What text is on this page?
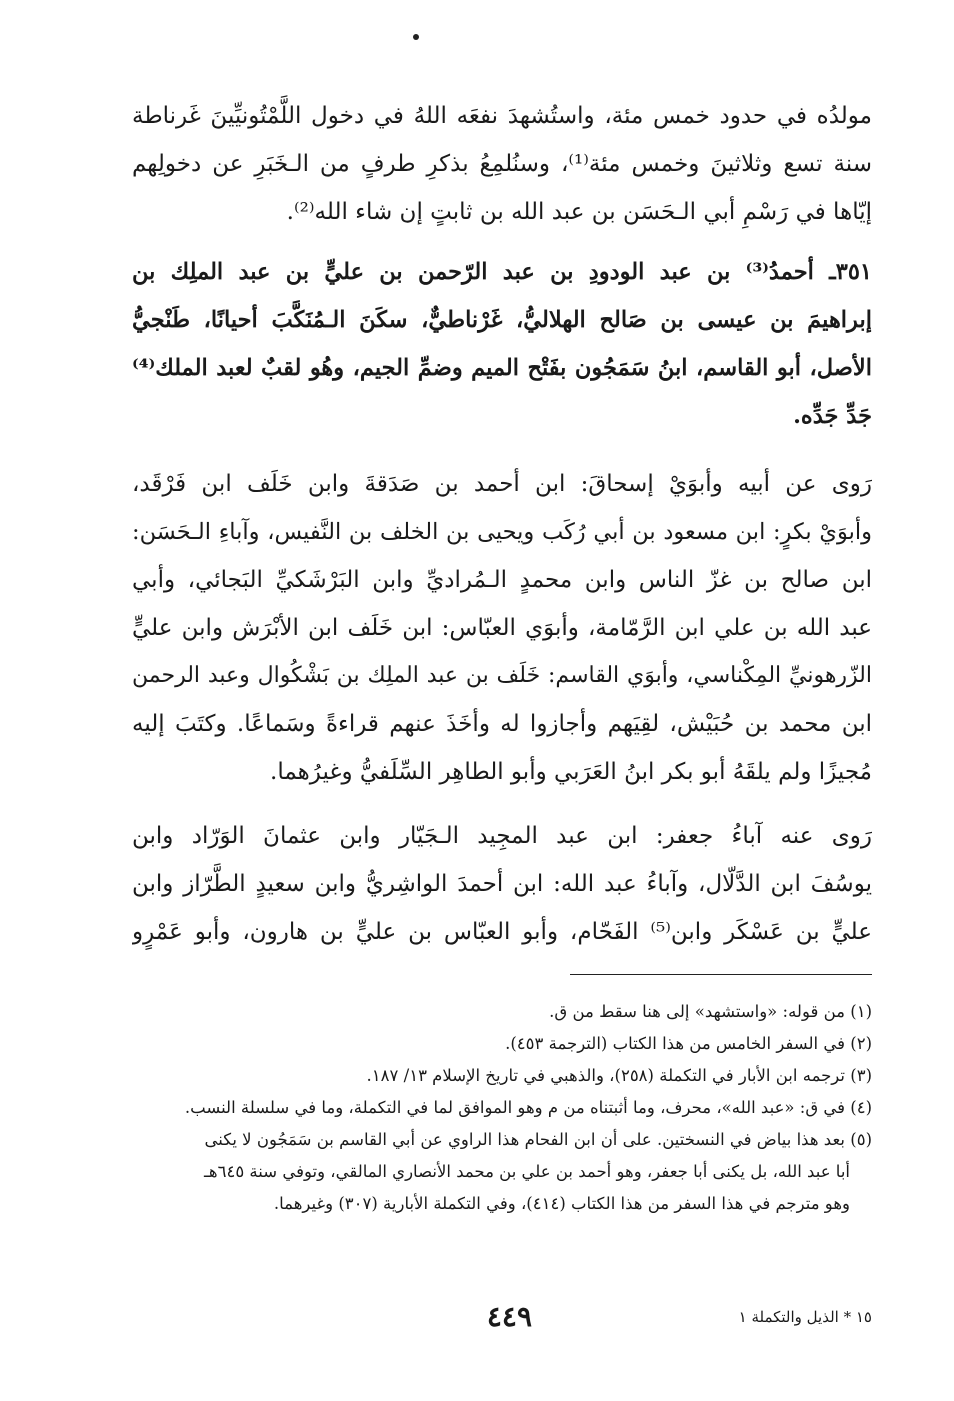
مولدُه في حدود خمس مئة، واستُشهدَ نفعَه اللهُ في دخول اللَّمْتُونيِّينَ غَرناطة
سنة تسع وثلاثينَ وخمس مئة⁽¹⁾، وسنُلمِعُ بذكرِ طرفٍ من الـخَبَرِ عن دخولِهم
إيّاها في رَسْمِ أبي الـحَسَن بن عبد الله بن ثابتٍ إن شاء الله⁽²⁾.
٣٥١ـ أحمدُ⁽³⁾ بن عبد الودودِ بن عبد الرّحمن بن عليٍّ بن عبد الملِك بن
إبراهيمَ بن عيسى بن صَالح الهلاليُّ، غَرْناطيٌّ، سكَنَ الـمُنَكَّبَ أحيانًا، طَنْجيُّ
الأصل، أبو القاسم، ابنُ سَمَجُون بفَتْح الميم وضمِّ الجيم، وهُو لقبٌ لعبد الملك⁽⁴⁾
جَدِّ جَدِّه.
رَوى عن أبيه وأبوَيْ إسحاقَ: ابن أحمد بن صَدَقةَ وابن خَلَف ابن فَرْقَد،
وأبوَيْ بكرٍ: ابن مسعود بن أبي رُكَب ويحيى بن الخلف بن النَّفيس، وآباءِ الـحَسَن:
ابن صالح بن غزّ الناس وابن محمدٍ الـمُراديِّ وابن البَرْشَكيِّ البَجائي، وأبي
عبد الله بن علي ابن الرَّمّامة، وأبوَي العبّاس: ابن خَلَف ابن الأبْرَش وابن عليٍّ
الزّرهونيِّ المِكْناسي، وأبوَي القاسم: خَلَف بن عبد الملِك بن بَشْكُوال وعبد الرحمن
ابن محمد بن حُبَيْش، لقِيَهم وأجازوا له وأخَذَ عنهم قراءةً وسَماعًا. وكتَبَ إليه
مُجيزًا ولم يلقَهُ أبو بكر ابنُ العَرَبي وأبو الطاهِر السِّلَفيُّ وغيرُهما.
رَوى عنه آباءُ جعفر: ابن عبد المجِيد الـجَيّار وابن عثمانَ الوَرّاد وابن
يوسُفَ ابن الدَّلّال، وآباءُ عبد الله: ابن أحمدَ الواشِريُّ وابن سعيدٍ الطَّرّاز وابن
عليٍّ بن عَسْكَر وابن⁽⁵⁾ الفَحّام، وأبو العبّاس بن عليٍّ بن هارون، وأبو عَمْرٍو
(١) من قوله: «واستشهد» إلى هنا سقط من ق.
(٢) في السفر الخامس من هذا الكتاب (الترجمة ٤٥٣).
(٣) ترجمه ابن الأبار في التكملة (٢٥٨)، والذهبي في تاريخ الإسلام ١٣/ ١٨٧.
(٤) في ق: «عبد الله»، محرف، وما أثبتناه من م وهو الموافق لما في التكملة، وما في سلسلة النسب.
(٥) بعد هذا بياض في النسختين. على أن ابن الفحام هذا الراوي عن أبي القاسم بن سَمَجُون لا يكنى
أبا عبد الله، بل يكنى أبا جعفر، وهو أحمد بن علي بن محمد الأنصاري المالقي، وتوفي سنة ٦٤٥هـ
وهو مترجم في هذا السفر من هذا الكتاب (٤١٤)، وفي التكملة الأبارية (٣٠٧) وغيرهما.
١٥ * الذيل والتكملة ١
٤٤٩
